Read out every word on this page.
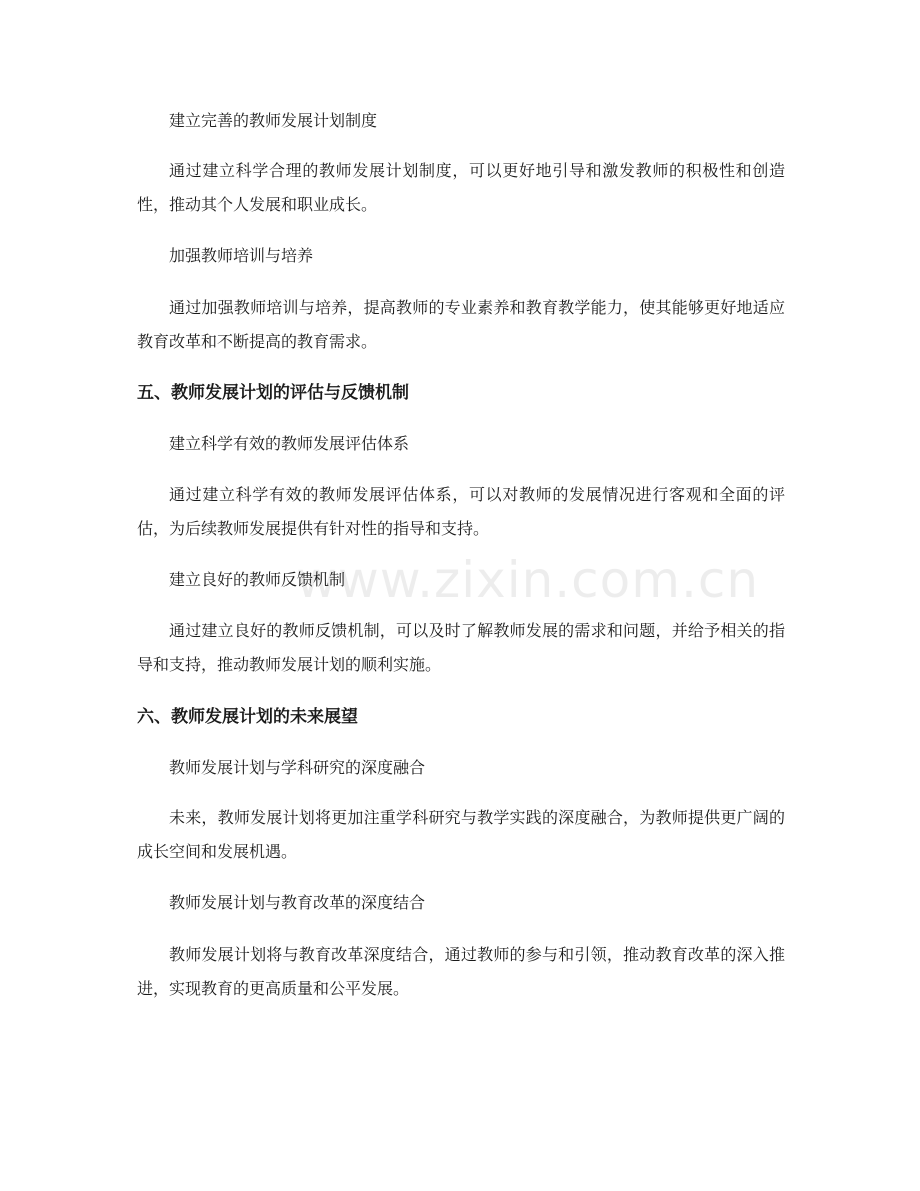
建立完善的教师发展计划制度
通过建立科学合理的教师发展计划制度，可以更好地引导和激发教师的积极性和创造性，推动其个人发展和职业成长。
加强教师培训与培养
通过加强教师培训与培养，提高教师的专业素养和教育教学能力，使其能够更好地适应教育改革和不断提高的教育需求。
五、教师发展计划的评估与反馈机制
建立科学有效的教师发展评估体系
通过建立科学有效的教师发展评估体系，可以对教师的发展情况进行客观和全面的评估，为后续教师发展提供有针对性的指导和支持。
建立良好的教师反馈机制
通过建立良好的教师反馈机制，可以及时了解教师发展的需求和问题，并给予相关的指导和支持，推动教师发展计划的顺利实施。
六、教师发展计划的未来展望
教师发展计划与学科研究的深度融合
未来，教师发展计划将更加注重学科研究与教学实践的深度融合，为教师提供更广阔的成长空间和发展机遇。
教师发展计划与教育改革的深度结合
教师发展计划将与教育改革深度结合，通过教师的参与和引领，推动教育改革的深入推进，实现教育的更高质量和公平发展。
www.zixin.com.cn
